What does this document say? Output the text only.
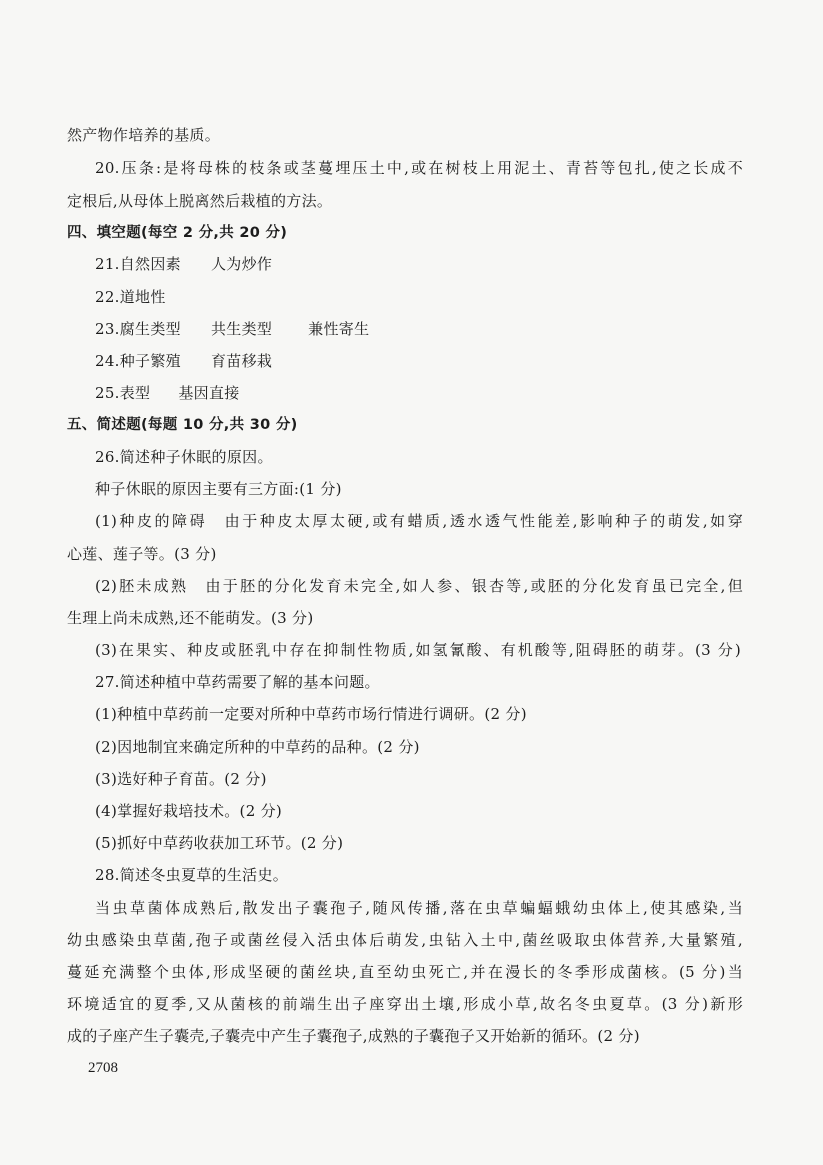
然产物作培养的基质。
20.压条:是将母株的枝条或茎蔓埋压土中,或在树枝上用泥土、青苔等包扎,使之长成不
定根后,从母体上脱离然后栽植的方法。
四、填空题(每空 2 分,共 20 分)
21.自然因素 人为炒作
22.道地性
23.腐生类型 共生类型 兼性寄生
24.种子繁殖 育苗移栽
25.表型 基因直接
五、简述题(每题 10 分,共 30 分)
26.简述种子休眠的原因。
种子休眠的原因主要有三方面:(1 分)
(1)种皮的障碍　由于种皮太厚太硬,或有蜡质,透水透气性能差,影响种子的萌发,如穿
心莲、莲子等。(3 分)
(2)胚未成熟　由于胚的分化发育未完全,如人参、银杏等,或胚的分化发育虽已完全,但
生理上尚未成熟,还不能萌发。(3 分)
(3)在果实、种皮或胚乳中存在抑制性物质,如氢氰酸、有机酸等,阻碍胚的萌芽。(3 分)
27.简述种植中草药需要了解的基本问题。
(1)种植中草药前一定要对所种中草药市场行情进行调研。(2 分)
(2)因地制宜来确定所种的中草药的品种。(2 分)
(3)选好种子育苗。(2 分)
(4)掌握好栽培技术。(2 分)
(5)抓好中草药收获加工环节。(2 分)
28.简述冬虫夏草的生活史。
当虫草菌体成熟后,散发出子囊孢子,随风传播,落在虫草蝙蝠蛾幼虫体上,使其感染,当
幼虫感染虫草菌,孢子或菌丝侵入活虫体后萌发,虫钻入土中,菌丝吸取虫体营养,大量繁殖,
蔓延充满整个虫体,形成坚硬的菌丝块,直至幼虫死亡,并在漫长的冬季形成菌核。(5 分)当
环境适宜的夏季,又从菌核的前端生出子座穿出土壤,形成小草,故名冬虫夏草。(3 分)新形
成的子座产生子囊壳,子囊壳中产生子囊孢子,成熟的子囊孢子又开始新的循环。(2 分)
2708
